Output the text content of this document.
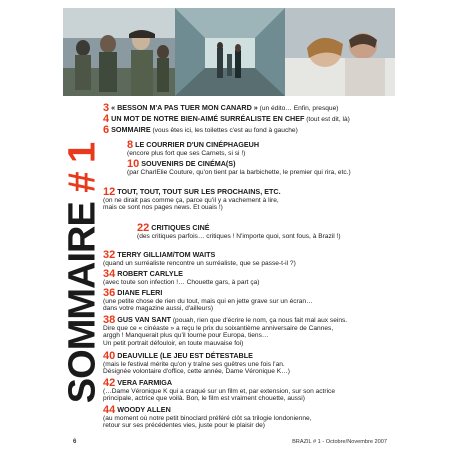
SOMMAIRE # 1
3 « BESSON M'A PAS TUER MON CANARD » (un édito… Enfin, presque)
4 UN MOT DE NOTRE BIEN-AIMÉ SURRÉALISTE EN CHEF (tout est dit, là)
6 SOMMAIRE (vous êtes ici, les toilettes c'est au fond à gauche)
8 LE COURRIER D'UN CINÉPHAGEUH
(encore plus fort que ses Carnets, si si !)
10 SOUVENIRS DE CINÉMA(S)
(par CharlElie Couture, qu'on tient par la barbichette, le premier qui rira, etc.)
12 TOUT, TOUT, TOUT SUR LES PROCHAINS, ETC.
(on ne dirait pas comme ça, parce qu'il y a vachement à lire,
mais ce sont nos pages news. Et ouais !)
22 CRITIQUES CINÉ
(des critiques parfois… critiques ! N'importe quoi, sont fous, à Brazil !)
32 TERRY GILLIAM/TOM WAITS
(quand un surréaliste rencontre un surréaliste, que se passe-t-il ?)
34 ROBERT CARLYLE
(avec toute son infection !… Chouette gars, à part ça)
36 DIANE FLERI
(une petite chose de rien du tout, mais qui en jette grave sur un écran…
dans votre magazine aussi, d'ailleurs)
38 GUS VAN SANT (pouah, rien que d'écrire le nom, ça nous fait mal aux seins.
Dire que ce « cinéaste » a reçu le prix du soixantième anniversaire de Cannes,
arggh ! Manquerait plus qu'il tourne pour Europa, tiens…
Un petit portrait défouloir, en toute mauvaise foi)
40 DEAUVILLE (LE JEU EST DÉTESTABLE
(mais le festival mérite qu'on y traîne ses guêtres une fois l'an.
Désignée volontaire d'office, cette année, Dame Véronique K…)
42 VERA FARMIGA
(…Dame Véronique K qui a craqué sur un film et, par extension, sur son actrice
principale, actrice que voilà. Bon, le film est vraiment chouette, aussi)
44 WOODY ALLEN
(au moment où notre petit binoclard préféré clôt sa trilogie londonienne,
retour sur ses précédentes vies, juste pour le plaisir de)
6	BRAZIL # 1 - Octobre/Novembre 2007
